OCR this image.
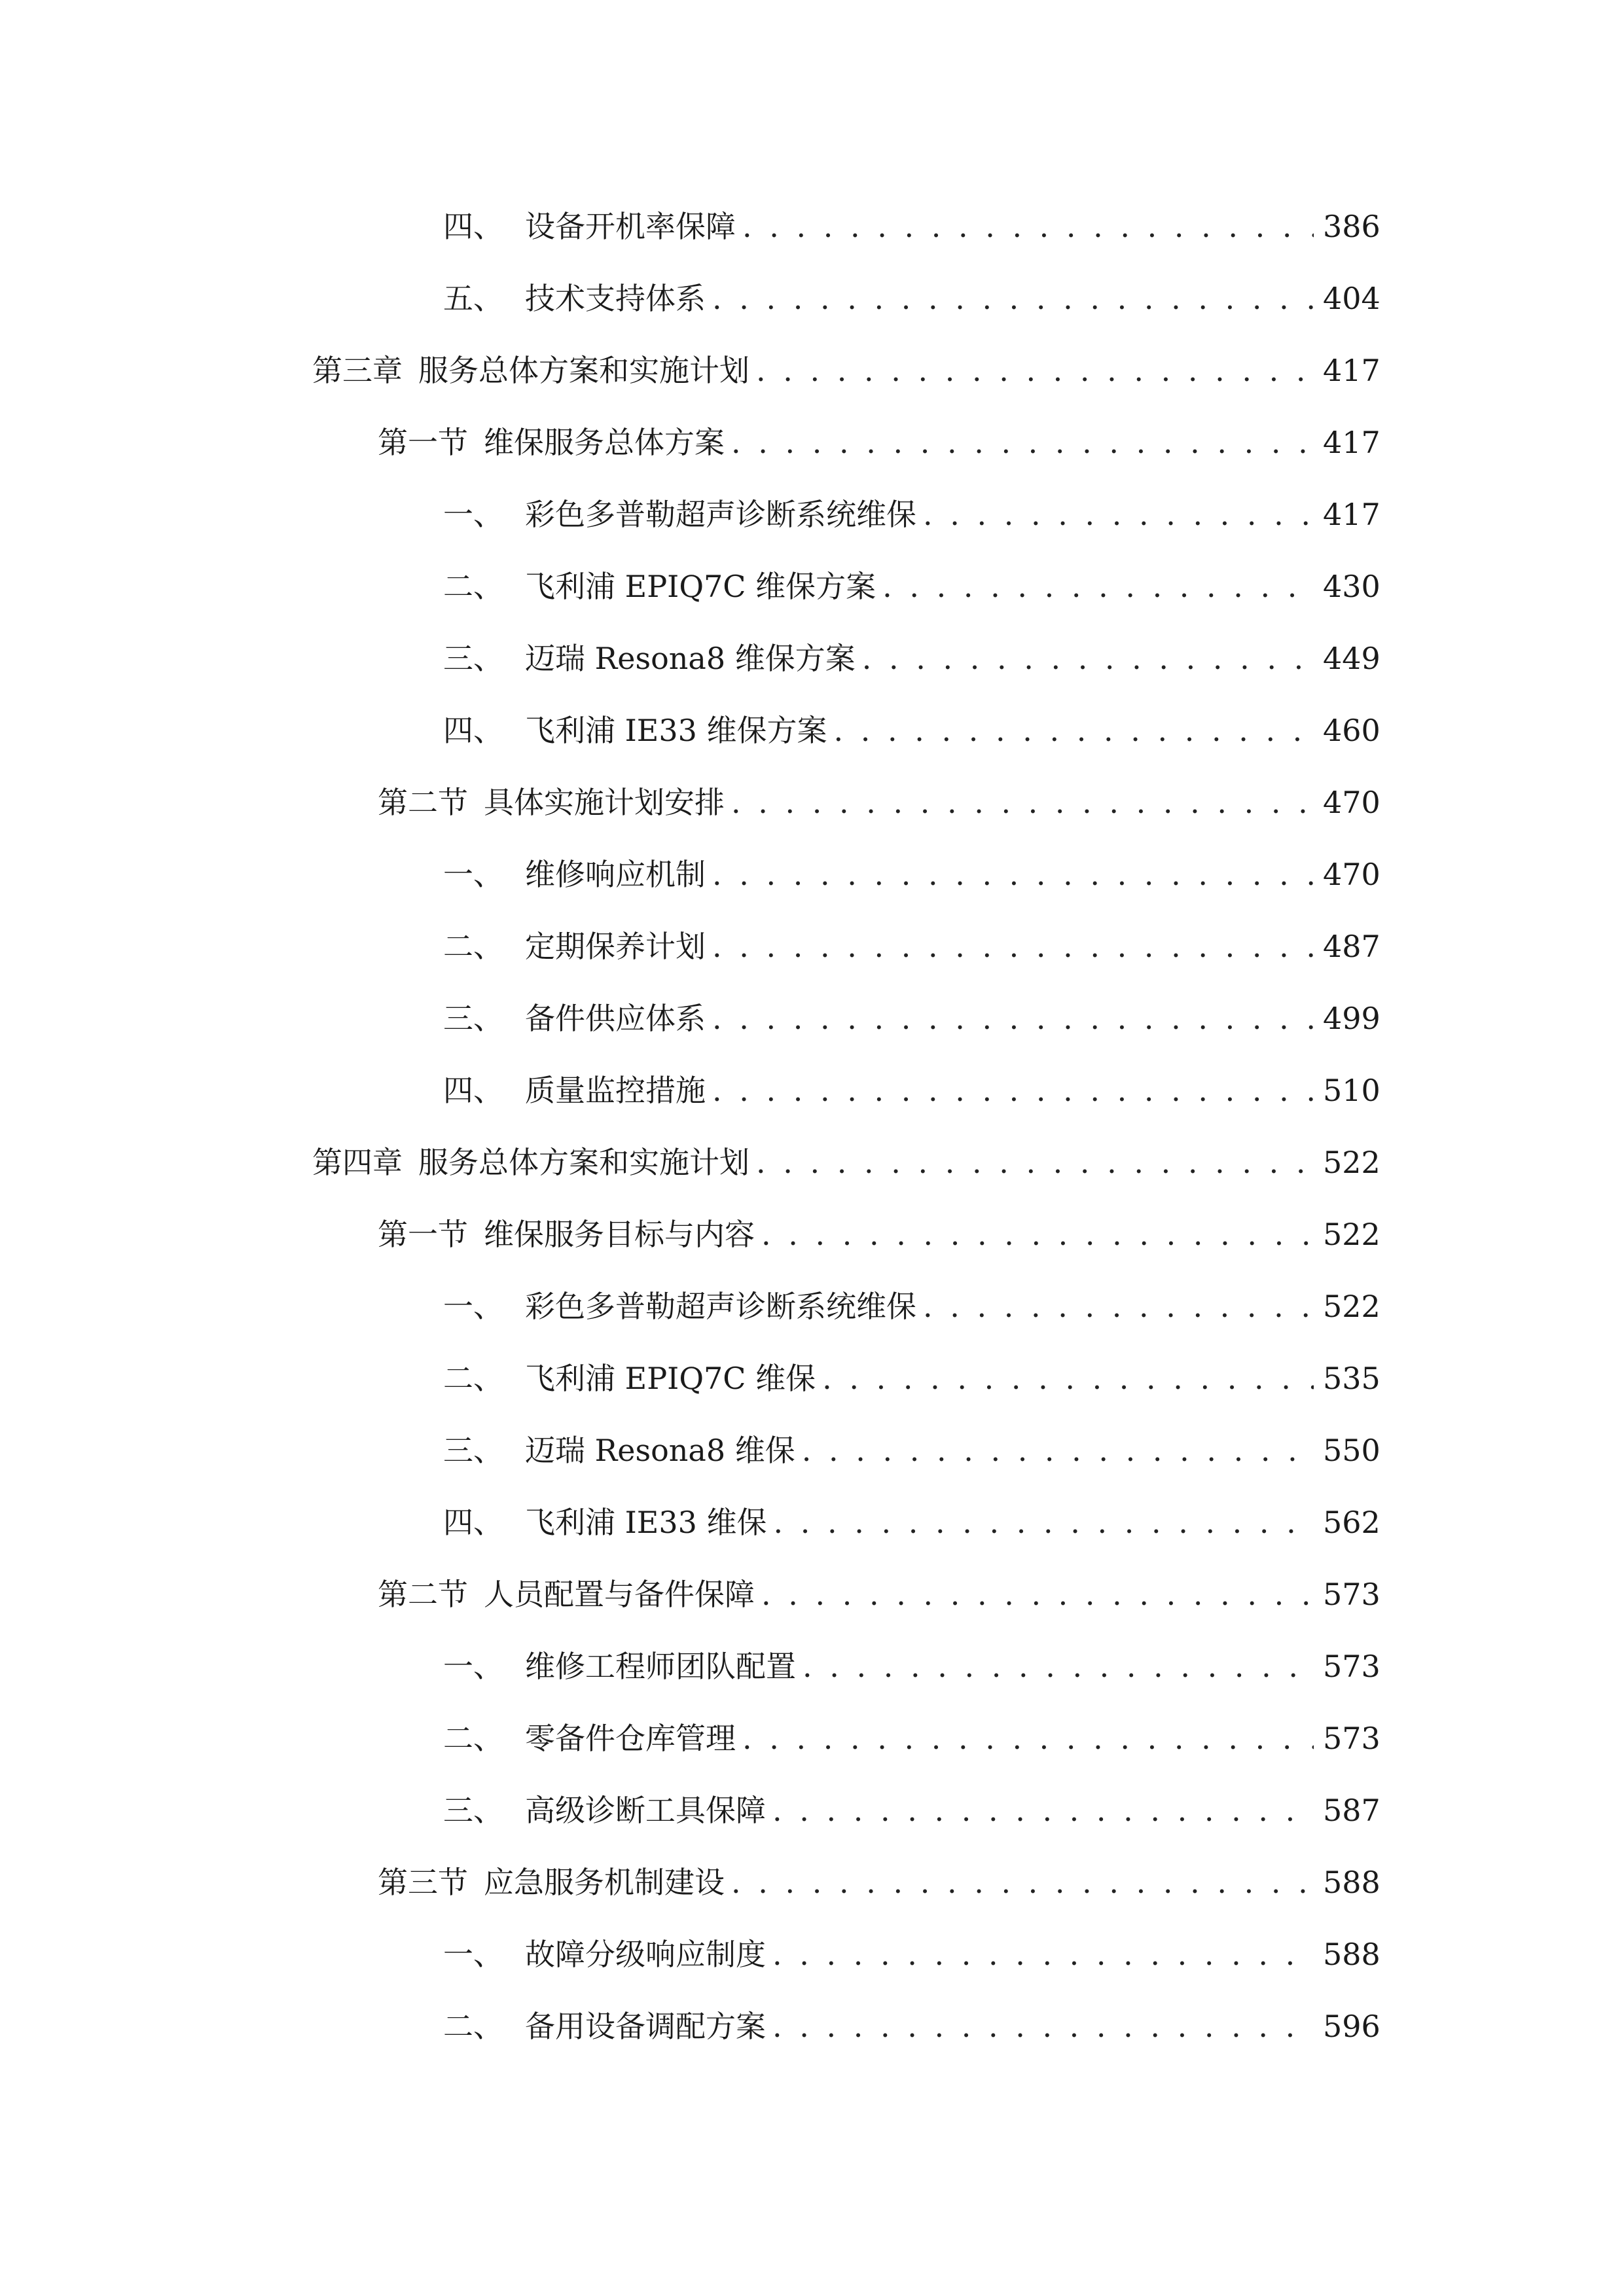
四、 设备开机率保障 . . .	386
五、 技术支持体系 . . .	404
第三章 服务总体方案和实施计划 . . .	417
第一节 维保服务总体方案 . . .	417
一、 彩色多普勒超声诊断系统维保 . . .	417
二、 飞利浦 EPIQ7C 维保方案 . . .	430
三、 迈瑞 Resona8 维保方案 . . .	449
四、 飞利浦 IE33 维保方案 . . .	460
第二节 具体实施计划安排 . . .	470
一、 维修响应机制 . . .	470
二、 定期保养计划 . . .	487
三、 备件供应体系 . . .	499
四、 质量监控措施 . . .	510
第四章 服务总体方案和实施计划 . . .	522
第一节 维保服务目标与内容 . . .	522
一、 彩色多普勒超声诊断系统维保 . . .	522
二、 飞利浦 EPIQ7C 维保 . . .	535
三、 迈瑞 Resona8 维保 . . .	550
四、 飞利浦 IE33 维保 . . .	562
第二节 人员配置与备件保障 . . .	573
一、 维修工程师团队配置 . . .	573
二、 零备件仓库管理 . . .	573
三、 高级诊断工具保障 . . .	587
第三节 应急服务机制建设 . . .	588
一、 故障分级响应制度 . . .	588
二、 备用设备调配方案 . . .	596
